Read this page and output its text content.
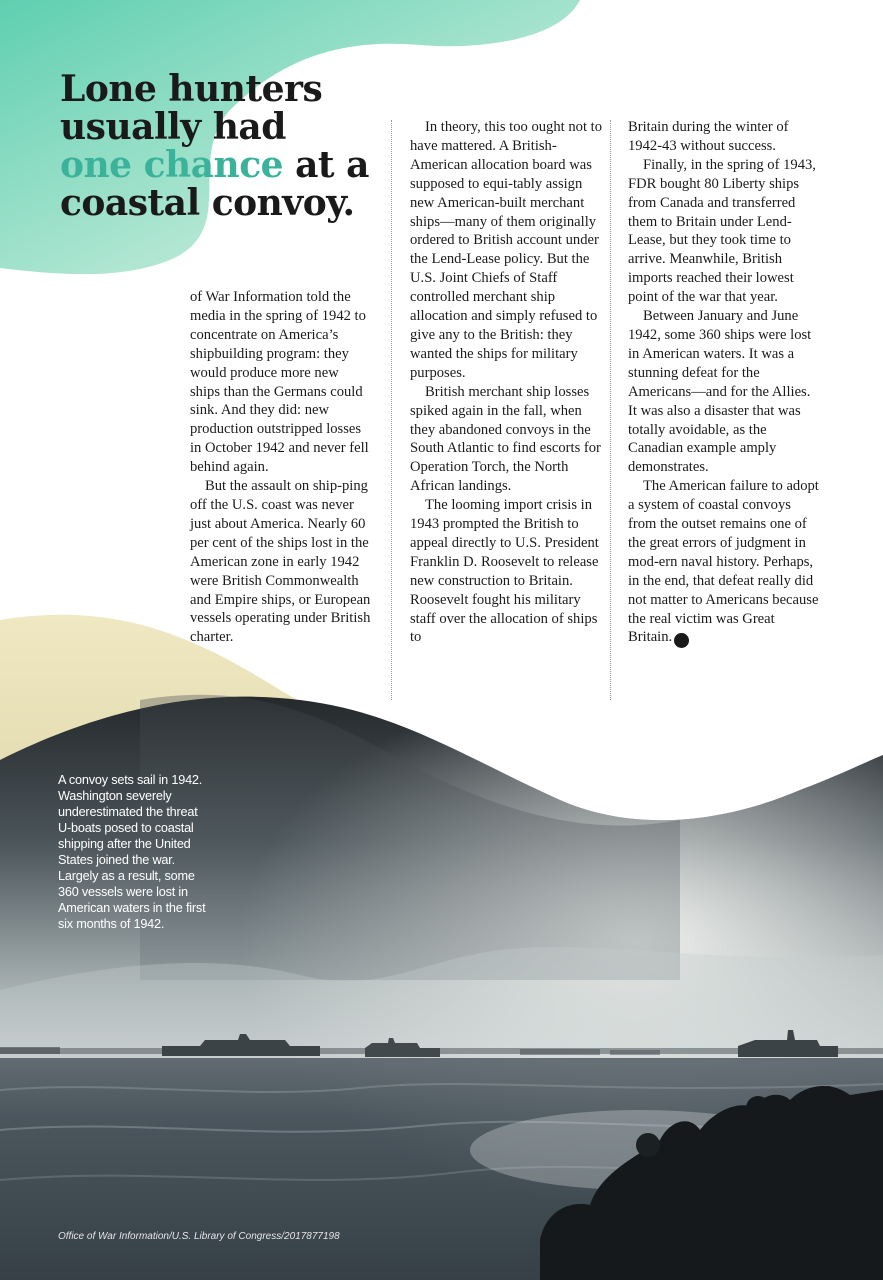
Lone hunters
usually had
one chance at a
coastal convoy.

of War Information told the media in the spring of 1942 to concentrate on America’s shipbuilding program: they would produce more new ships than the Germans could sink. And they did: new production outstripped losses in October 1942 and never fell behind again.

But the assault on ship-ping off the U.S. coast was never just about America. Nearly 60 per cent of the ships lost in the American zone in early 1942 were British Commonwealth and Empire ships, or European vessels operating under British charter.

In theory, this too ought not to have mattered. A British-American allocation board was supposed to equi-tably assign new American-built merchant ships—many of them originally ordered to British account under the Lend-Lease policy. But the U.S. Joint Chiefs of Staff controlled merchant ship allocation and simply refused to give any to the British: they wanted the ships for military purposes.

British merchant ship losses spiked again in the fall, when they abandoned convoys in the South Atlantic to find escorts for Operation Torch, the North African landings.

The looming import crisis in 1943 prompted the British to appeal directly to U.S. President Franklin D. Roosevelt to release new construction to Britain. Roosevelt fought his military staff over the allocation of ships to

Britain during the winter of 1942-43 without success.

Finally, in the spring of 1943, FDR bought 80 Liberty ships from Canada and transferred them to Britain under Lend-Lease, but they took time to arrive. Meanwhile, British imports reached their lowest point of the war that year.

Between January and June 1942, some 360 ships were lost in American waters. It was a stunning defeat for the Americans—and for the Allies. It was also a disaster that was totally avoidable, as the Canadian example amply demonstrates.

The American failure to adopt a system of coastal convoys from the outset remains one of the great errors of judgment in mod-ern naval history. Perhaps, in the end, that defeat really did not matter to Americans because the real victim was Great Britain. ℓ

A convoy sets sail in 1942. Washington severely underestimated the threat U-boats posed to coastal shipping after the United States joined the war. Largely as a result, some 360 vessels were lost in American waters in the first six months of 1942.
Office of War Information/U.S. Library of Congress/2017877198
